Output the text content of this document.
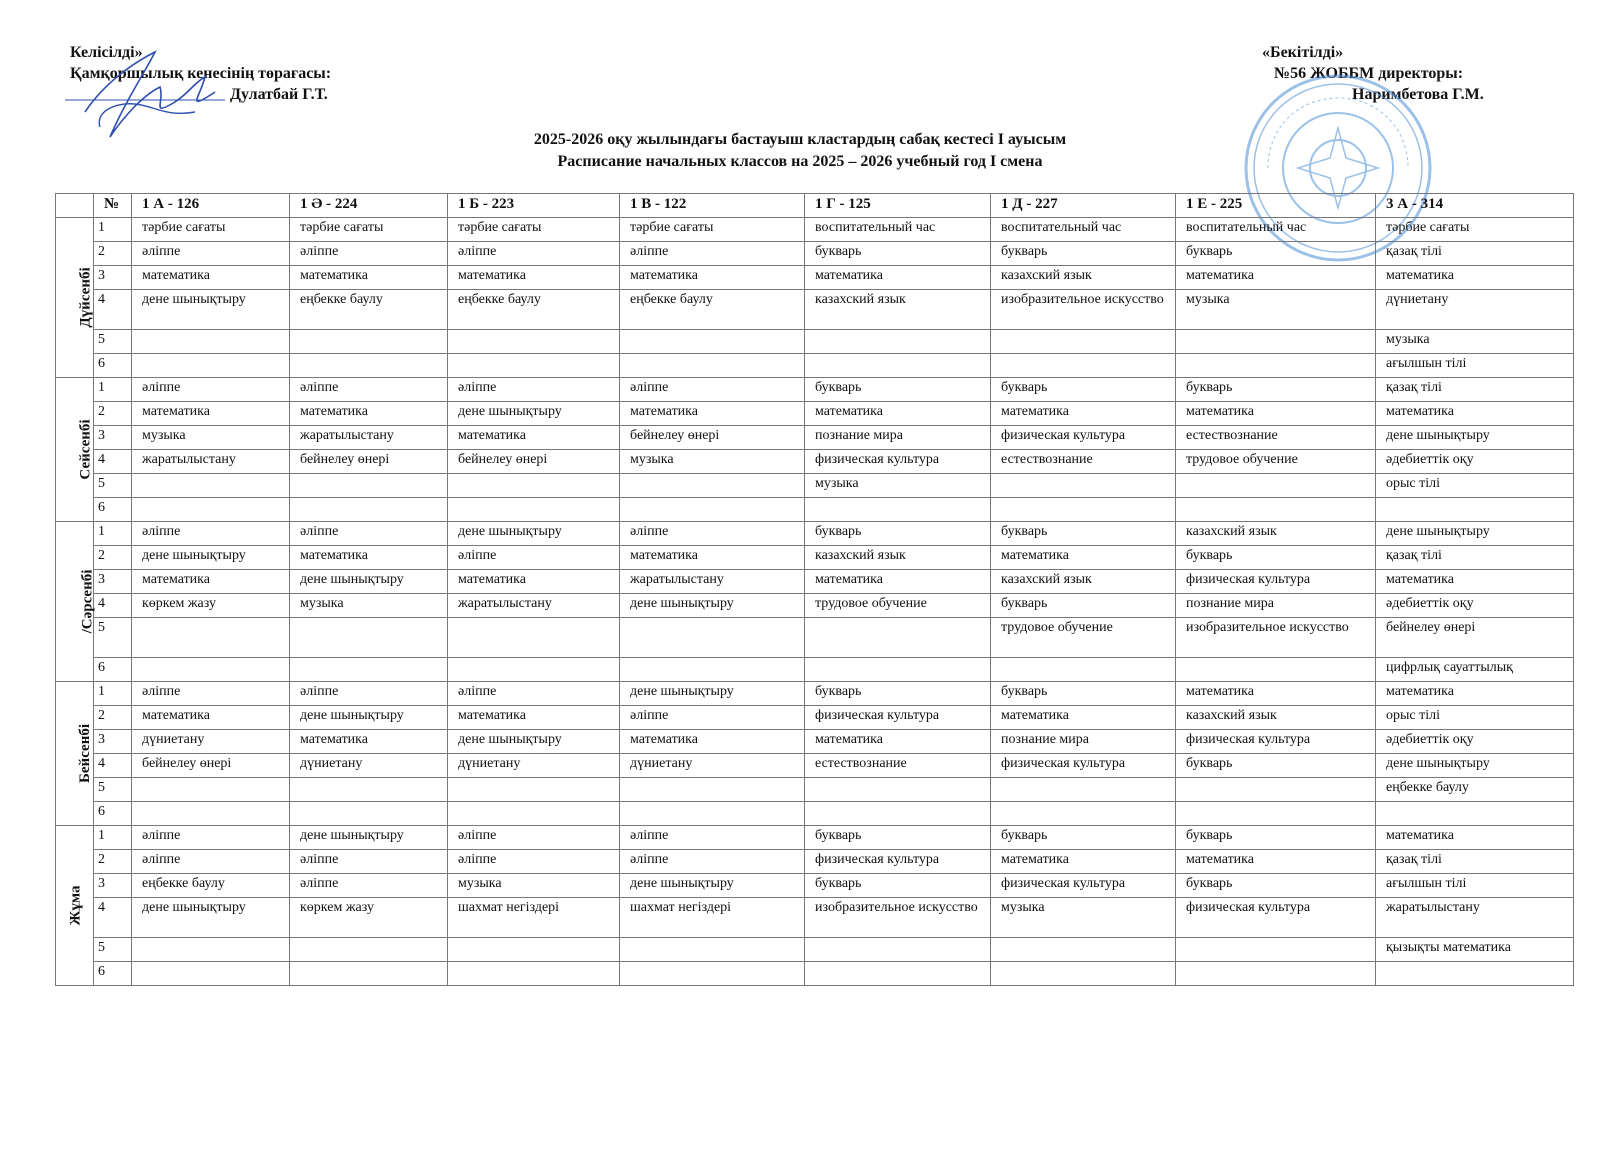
Келісілді»
Қамқоршылық кенесінің төрағасы:
Дулатбай Г.Т.
«Бекітілді»
№56 ЖОББМ директоры:
Наримбетова Г.М.
2025-2026 оқу жылындағы бастауыш кластардың сабақ кестесі I ауысым
Расписание начальных классов на 2025 – 2026 учебный год I смена
	№	1 А - 126	1 Ә - 224	1 Б - 223	1 В - 122	1 Г - 125	1 Д - 227	1 Е - 225	3 А - 314
Дүйсенбі	1	тәрбие сағаты	тәрбие сағаты	тәрбие сағаты	тәрбие сағаты	воспитательный час	воспитательный час	воспитательный час	тәрбие сағаты
	2	әліппе	әліппе	әліппе	әліппе	букварь	букварь	букварь	қазақ тілі
	3	математика	математика	математика	математика	математика	казахский язык	математика	математика
	4	дене шынықтыру	еңбекке баулу	еңбекке баулу	еңбекке баулу	казахский язык	изобразительное искусство	музыка	дүниетану
	5								музыка
	6								ағылшын тілі
Сейсенбі	1	әліппе	әліппе	әліппе	әліппе	букварь	букварь	букварь	қазақ тілі
	2	математика	математика	дене шынықтыру	математика	математика	математика	математика	математика
	3	музыка	жаратылыстану	математика	бейнелеу өнері	познание мира	физическая культура	естествознание	дене шынықтыру
	4	жаратылыстану	бейнелеу өнері	бейнелеу өнері	музыка	физическая культура	естествознание	трудовое обучение	әдебиеттік оқу
	5					музыка			орыс тілі
	6								
/Сәрсенбі	1	әліппе	әліппе	дене шынықтыру	әліппе	букварь	букварь	казахский язык	дене шынықтыру
	2	дене шынықтыру	математика	әліппе	математика	казахский язык	математика	букварь	қазақ тілі
	3	математика	дене шынықтыру	математика	жаратылыстану	математика	казахский язык	физическая культура	математика
	4	көркем жазу	музыка	жаратылыстану	дене шынықтыру	трудовое обучение	букварь	познание мира	әдебиеттік оқу
	5						трудовое обучение	изобразительное искусство	бейнелеу өнері
	6								цифрлық сауаттылық
Бейсенбі	1	әліппе	әліппе	әліппе	дене шынықтыру	букварь	букварь	математика	математика
	2	математика	дене шынықтыру	математика	әліппе	физическая культура	математика	казахский язык	орыс тілі
	3	дүниетану	математика	дене шынықтыру	математика	математика	познание мира	физическая культура	әдебиеттік оқу
	4	бейнелеу өнері	дүниетану	дүниетану	дүниетану	естествознание	физическая культура	букварь	дене шынықтыру
	5								еңбекке баулу
	6								
Жұма	1	әліппе	дене шынықтыру	әліппе	әліппе	букварь	букварь	букварь	математика
	2	әліппе	әліппе	әліппе	әліппе	физическая культура	математика	математика	қазақ тілі
	3	еңбекке баулу	әліппе	музыка	дене шынықтыру	букварь	физическая культура	букварь	ағылшын тілі
	4	дене шынықтыру	көркем жазу	шахмат негіздері	шахмат негіздері	изобразительное искусство	музыка	физическая культура	жаратылыстану
	5								қызықты математика
	6								
